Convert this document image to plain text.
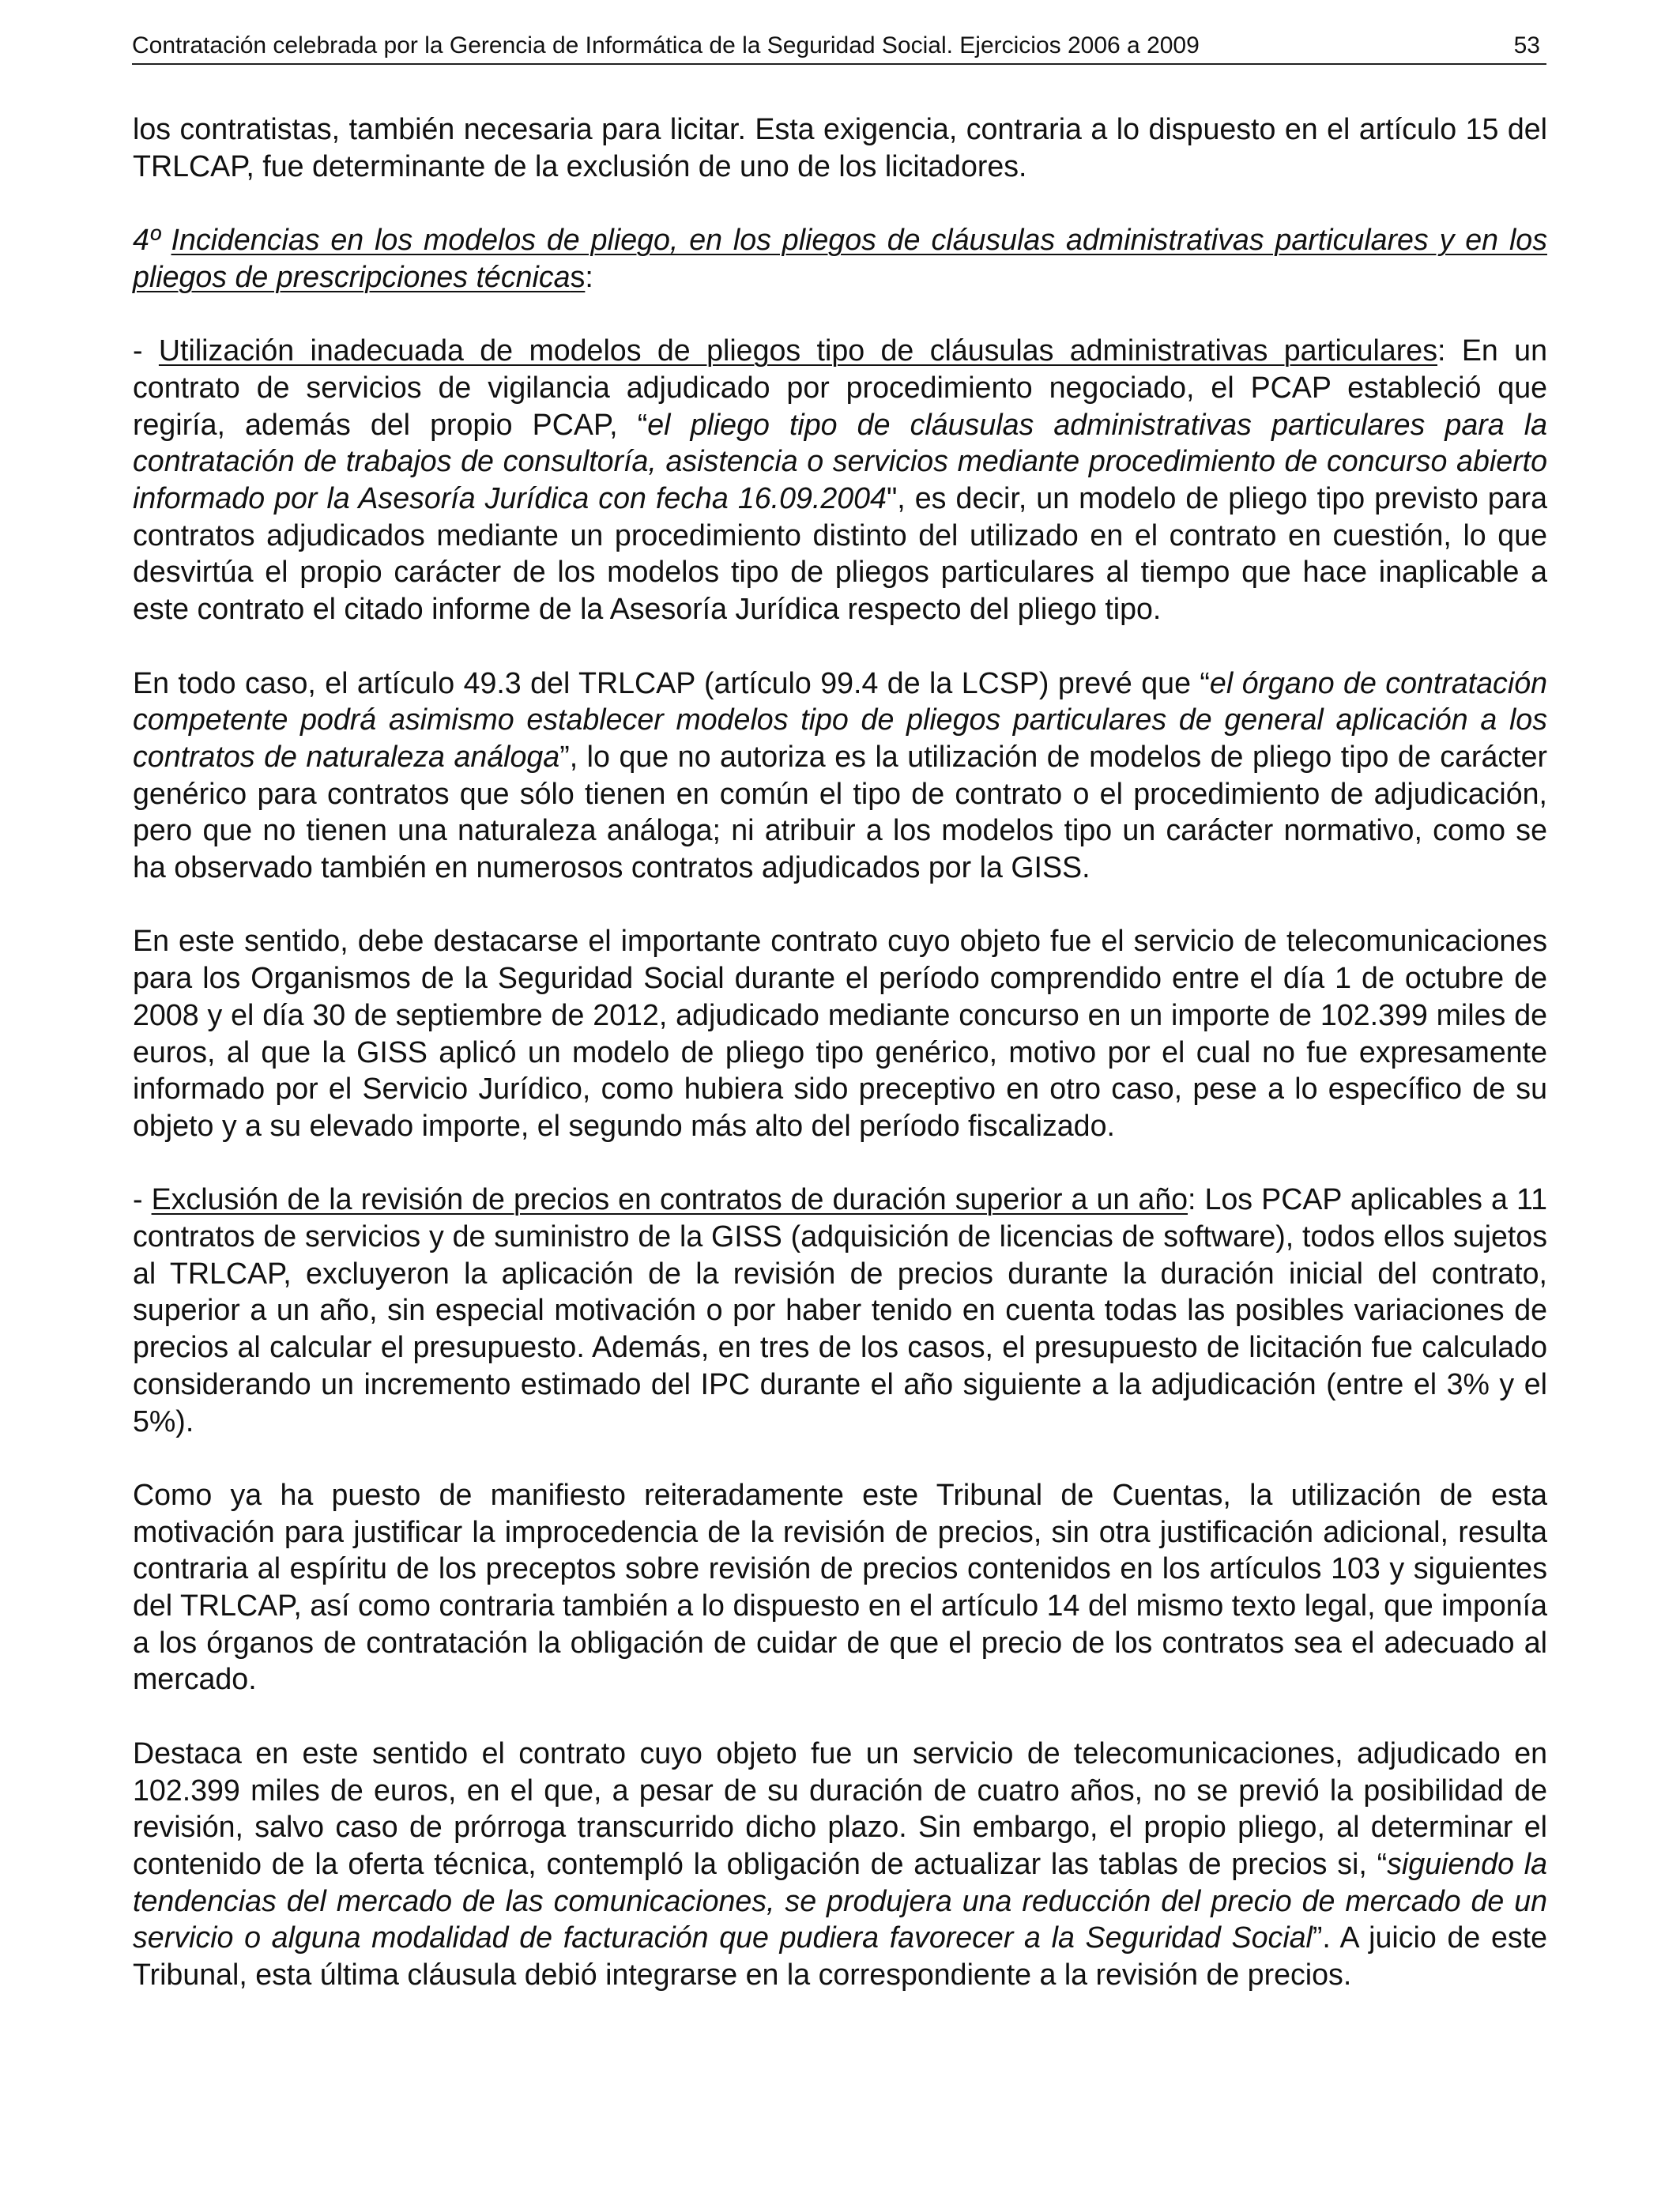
Contratación celebrada por la Gerencia de Informática de la Seguridad Social. Ejercicios 2006 a 2009	53

los contratistas, también necesaria para licitar. Esta exigencia, contraria a lo dispuesto en el artículo 15 del TRLCAP, fue determinante de la exclusión de uno de los licitadores.

4º Incidencias en los modelos de pliego, en los pliegos de cláusulas administrativas particulares y en los pliegos de prescripciones técnicas:

- Utilización inadecuada de modelos de pliegos tipo de cláusulas administrativas particulares: En un contrato de servicios de vigilancia adjudicado por procedimiento negociado, el PCAP estableció que regiría, además del propio PCAP, “el pliego tipo de cláusulas administrativas particulares para la contratación de trabajos de consultoría, asistencia o servicios mediante procedimiento de concurso abierto informado por la Asesoría Jurídica con fecha 16.09.2004", es decir, un modelo de pliego tipo previsto para contratos adjudicados mediante un procedimiento distinto del utilizado en el contrato en cuestión, lo que desvirtúa el propio carácter de los modelos tipo de pliegos particulares al tiempo que hace inaplicable a este contrato el citado informe de la Asesoría Jurídica respecto del pliego tipo.

En todo caso, el artículo 49.3 del TRLCAP (artículo 99.4 de la LCSP) prevé que “el órgano de contratación competente podrá asimismo establecer modelos tipo de pliegos particulares de general aplicación a los contratos de naturaleza análoga”, lo que no autoriza es la utilización de modelos de pliego tipo de carácter genérico para contratos que sólo tienen en común el tipo de contrato o el procedimiento de adjudicación, pero que no tienen una naturaleza análoga; ni atribuir a los modelos tipo un carácter normativo, como se ha observado también en numerosos contratos adjudicados por la GISS.

En este sentido, debe destacarse el importante contrato cuyo objeto fue el servicio de telecomunicaciones para los Organismos de la Seguridad Social durante el período comprendido entre el día 1 de octubre de 2008 y el día 30 de septiembre de 2012, adjudicado mediante concurso en un importe de 102.399 miles de euros, al que la GISS aplicó un modelo de pliego tipo genérico, motivo por el cual no fue expresamente informado por el Servicio Jurídico, como hubiera sido preceptivo en otro caso, pese a lo específico de su objeto y a su elevado importe, el segundo más alto del período fiscalizado.

- Exclusión de la revisión de precios en contratos de duración superior a un año: Los PCAP aplicables a 11 contratos de servicios y de suministro de la GISS (adquisición de licencias de software), todos ellos sujetos al TRLCAP, excluyeron la aplicación de la revisión de precios durante la duración inicial del contrato, superior a un año, sin especial motivación o por haber tenido en cuenta todas las posibles variaciones de precios al calcular el presupuesto. Además, en tres de los casos, el presupuesto de licitación fue calculado considerando un incremento estimado del IPC durante el año siguiente a la adjudicación (entre el 3% y el 5%).

Como ya ha puesto de manifiesto reiteradamente este Tribunal de Cuentas, la utilización de esta motivación para justificar la improcedencia de la revisión de precios, sin otra justificación adicional, resulta contraria al espíritu de los preceptos sobre revisión de precios contenidos en los artículos 103 y siguientes del TRLCAP, así como contraria también a lo dispuesto en el artículo 14 del mismo texto legal, que imponía a los órganos de contratación la obligación de cuidar de que el precio de los contratos sea el adecuado al mercado.

Destaca en este sentido el contrato cuyo objeto fue un servicio de telecomunicaciones, adjudicado en 102.399 miles de euros, en el que, a pesar de su duración de cuatro años, no se previó la posibilidad de revisión, salvo caso de prórroga transcurrido dicho plazo. Sin embargo, el propio pliego, al determinar el contenido de la oferta técnica, contempló la obligación de actualizar las tablas de precios si, “siguiendo la tendencias del mercado de las comunicaciones, se produjera una reducción del precio de mercado de un servicio o alguna modalidad de facturación que pudiera favorecer a la Seguridad Social”. A juicio de este Tribunal, esta última cláusula debió integrarse en la correspondiente a la revisión de precios.
